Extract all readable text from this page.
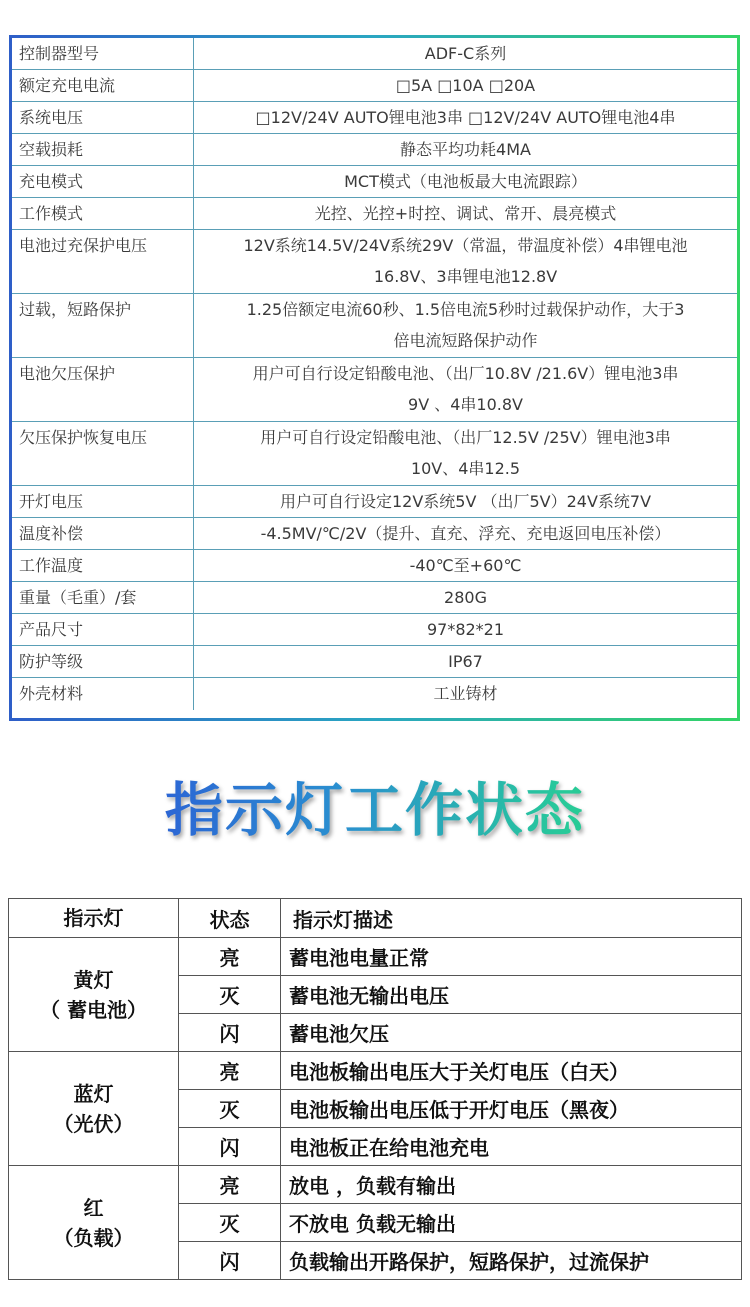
控制器型号	ADF-C系列
额定充电电流	□5A □10A □20A
系统电压	□12V/24V AUTO锂电池3串 □12V/24V AUTO锂电池4串
空载损耗	静态平均功耗4MA
充电模式	MCT模式（电池板最大电流跟踪）
工作模式	光控、光控+时控、调试、常开、晨亮模式
电池过充保护电压	12V系统14.5V/24V系统29V（常温，带温度补偿）4串锂电池
16.8V、3串锂电池12.8V
过载，短路保护	1.25倍额定电流60秒、1.5倍电流5秒时过载保护动作，大于3
倍电流短路保护动作
电池欠压保护	用户可自行设定铅酸电池、（出厂10.8V /21.6V）锂电池3串
9V 、4串10.8V
欠压保护恢复电压	用户可自行设定铅酸电池、（出厂12.5V /25V）锂电池3串
10V、4串12.5
开灯电压	用户可自行设定12V系统5V （出厂5V）24V系统7V
温度补偿	-4.5MV/℃/2V（提升、直充、浮充、充电返回电压补偿）
工作温度	-40℃至+60℃
重量（毛重）/套	280G
产品尺寸	97*82*21
防护等级	IP67
外壳材料	工业铸材
指示灯工作状态
指示灯	状态	指示灯描述

黄灯
（ 蓄电池）	亮	蓄电池电量正常
	灭	蓄电池无输出电压
	闪	蓄电池欠压

蓝灯
（光伏）	亮	电池板输出电压大于关灯电压（白天）
	灭	电池板输出电压低于开灯电压（黑夜）
	闪	电池板正在给电池充电

红
（负载）	亮	放电 ，负载有输出
	灭	不放电 负载无输出
	闪	负载输出开路保护，短路保护，过流保护
